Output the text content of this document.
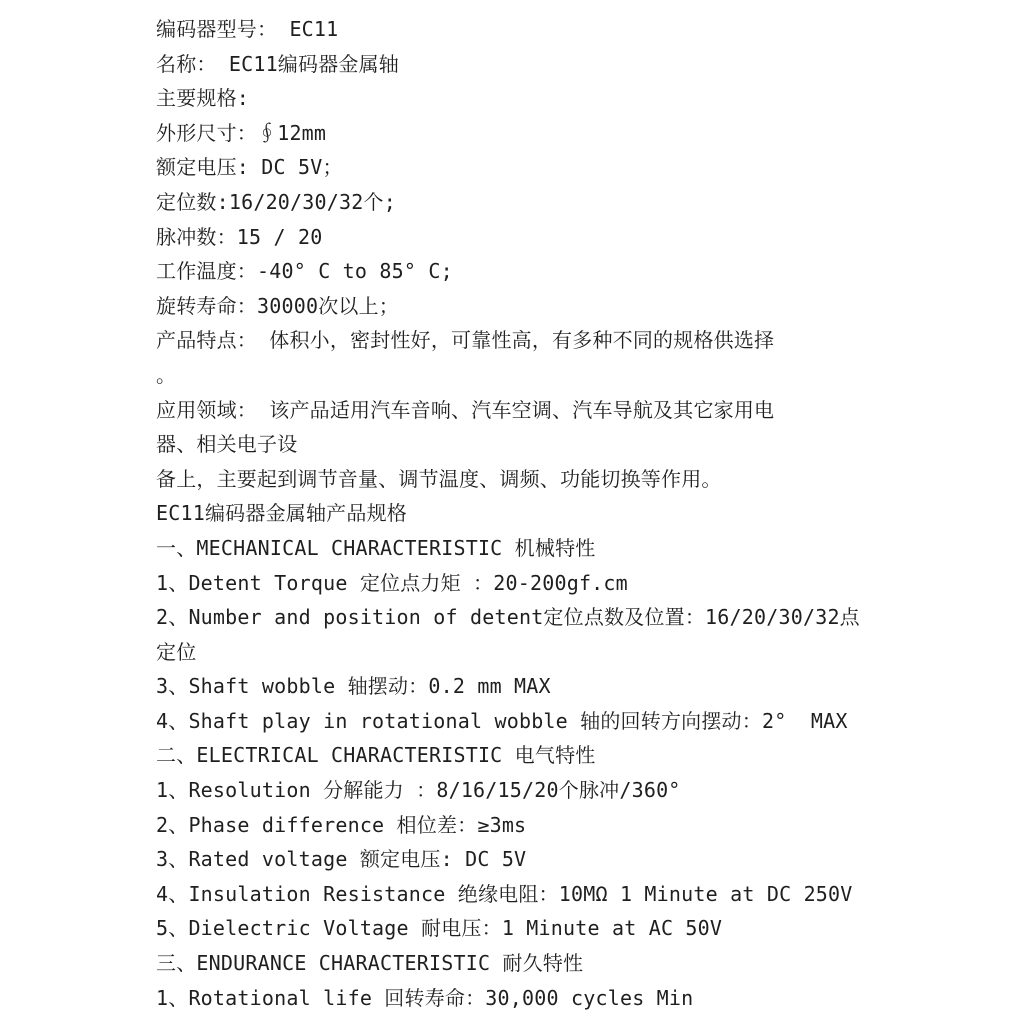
编码器型号： EC11
名称： EC11编码器金属轴
主要规格:
外形尺寸：∮12mm
额定电压: DC 5V；
定位数:16/20/30/32个;
脉冲数：15 / 20
工作温度：-40° C to 85° C;
旋转寿命：30000次以上；
产品特点： 体积小，密封性好，可靠性高，有多种不同的规格供选择
。
应用领域： 该产品适用汽车音响、汽车空调、汽车导航及其它家用电
器、相关电子设
备上，主要起到调节音量、调节温度、调频、功能切换等作用。
EC11编码器金属轴产品规格
一、MECHANICAL CHARACTERISTIC 机械特性
1、Detent Torque 定位点力矩 ：20-200gf.cm
2、Number and position of detent定位点数及位置：16/20/30/32点
定位
3、Shaft wobble 轴摆动：0.2 mm MAX
4、Shaft play in rotational wobble 轴的回转方向摆动：2°  MAX
二、ELECTRICAL CHARACTERISTIC 电气特性
1、Resolution 分解能力 ：8/16/15/20个脉冲/360°
2、Phase difference 相位差：≥3ms
3、Rated voltage 额定电压: DC 5V
4、Insulation Resistance 绝缘电阻：10MΩ 1 Minute at DC 250V
5、Dielectric Voltage 耐电压：1 Minute at AC 50V
三、ENDURANCE CHARACTERISTIC 耐久特性
1、Rotational life 回转寿命：30,000 cycles Min
